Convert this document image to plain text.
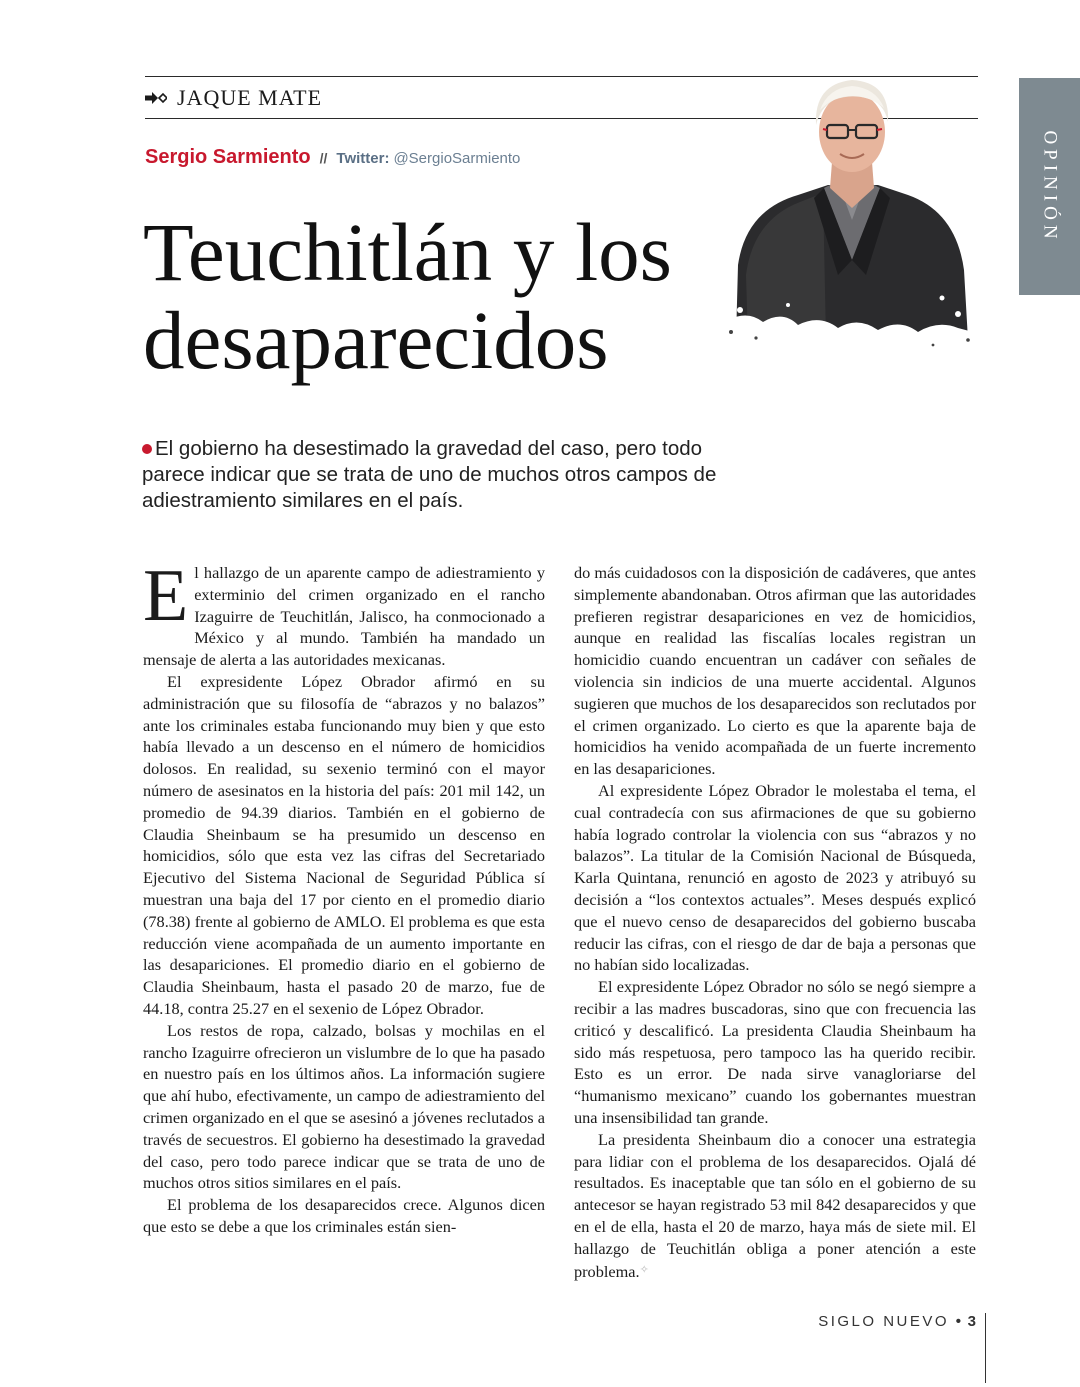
JAQUE MATE
Sergio Sarmiento // Twitter: @SergioSarmiento
Teuchitlán y los desaparecidos
OPINIÓN
El gobierno ha desestimado la gravedad del caso, pero todo parece indicar que se trata de uno de muchos otros campos de adiestramiento similares en el país.

El hallazgo de un aparente campo de adiestramiento y exterminio del crimen organizado en el rancho Izaguirre de Teuchitlán, Jalisco, ha conmocionado a México y al mundo. También ha mandado un mensaje de alerta a las autoridades mexicanas.

El expresidente López Obrador afirmó en su administración que su filosofía de “abrazos y no balazos” ante los criminales estaba funcionando muy bien y que esto había llevado a un descenso en el número de homicidios dolosos. En realidad, su sexenio terminó con el mayor número de asesinatos en la historia del país: 201 mil 142, un promedio de 94.39 diarios. También en el gobierno de Claudia Sheinbaum se ha presumido un descenso en homicidios, sólo que esta vez las cifras del Secretariado Ejecutivo del Sistema Nacional de Seguridad Pública sí muestran una baja del 17 por ciento en el promedio diario (78.38) frente al gobierno de AMLO. El problema es que esta reducción viene acompañada de un aumento importante en las desapariciones. El promedio diario en el gobierno de Claudia Sheinbaum, hasta el pasado 20 de marzo, fue de 44.18, contra 25.27 en el sexenio de López Obrador.

Los restos de ropa, calzado, bolsas y mochilas en el rancho Izaguirre ofrecieron un vislumbre de lo que ha pasado en nuestro país en los últimos años. La información sugiere que ahí hubo, efectivamente, un campo de adiestramiento del crimen organizado en el que se asesinó a jóvenes reclutados a través de secuestros. El gobierno ha desestimado la gravedad del caso, pero todo parece indicar que se trata de uno de muchos otros sitios similares en el país.

El problema de los desaparecidos crece. Algunos dicen que esto se debe a que los criminales están sien-

do más cuidadosos con la disposición de cadáveres, que antes simplemente abandonaban. Otros afirman que las autoridades prefieren registrar desapariciones en vez de homicidios, aunque en realidad las fiscalías locales registran un homicidio cuando encuentran un cadáver con señales de violencia sin indicios de una muerte accidental. Algunos sugieren que muchos de los desaparecidos son reclutados por el crimen organizado. Lo cierto es que la aparente baja de homicidios ha venido acompañada de un fuerte incremento en las desapariciones.

Al expresidente López Obrador le molestaba el tema, el cual contradecía con sus afirmaciones de que su gobierno había logrado controlar la violencia con sus “abrazos y no balazos”. La titular de la Comisión Nacional de Búsqueda, Karla Quintana, renunció en agosto de 2023 y atribuyó su decisión a “los contextos actuales”. Meses después explicó que el nuevo censo de desaparecidos del gobierno buscaba reducir las cifras, con el riesgo de dar de baja a personas que no habían sido localizadas.

El expresidente López Obrador no sólo se negó siempre a recibir a las madres buscadoras, sino que con frecuencia las criticó y descalificó. La presidenta Claudia Sheinbaum ha sido más respetuosa, pero tampoco las ha querido recibir. Esto es un error. De nada sirve vanagloriarse del “humanismo mexicano” cuando los gobernantes muestran una insensibilidad tan grande.

La presidenta Sheinbaum dio a conocer una estrategia para lidiar con el problema de los desaparecidos. Ojalá dé resultados. Es inaceptable que tan sólo en el gobierno de su antecesor se hayan registrado 53 mil 842 desaparecidos y que en el de ella, hasta el 20 de marzo, haya más de siete mil. El hallazgo de Teuchitlán obliga a poner atención a este problema.✧

SIGLO NUEVO • 3
